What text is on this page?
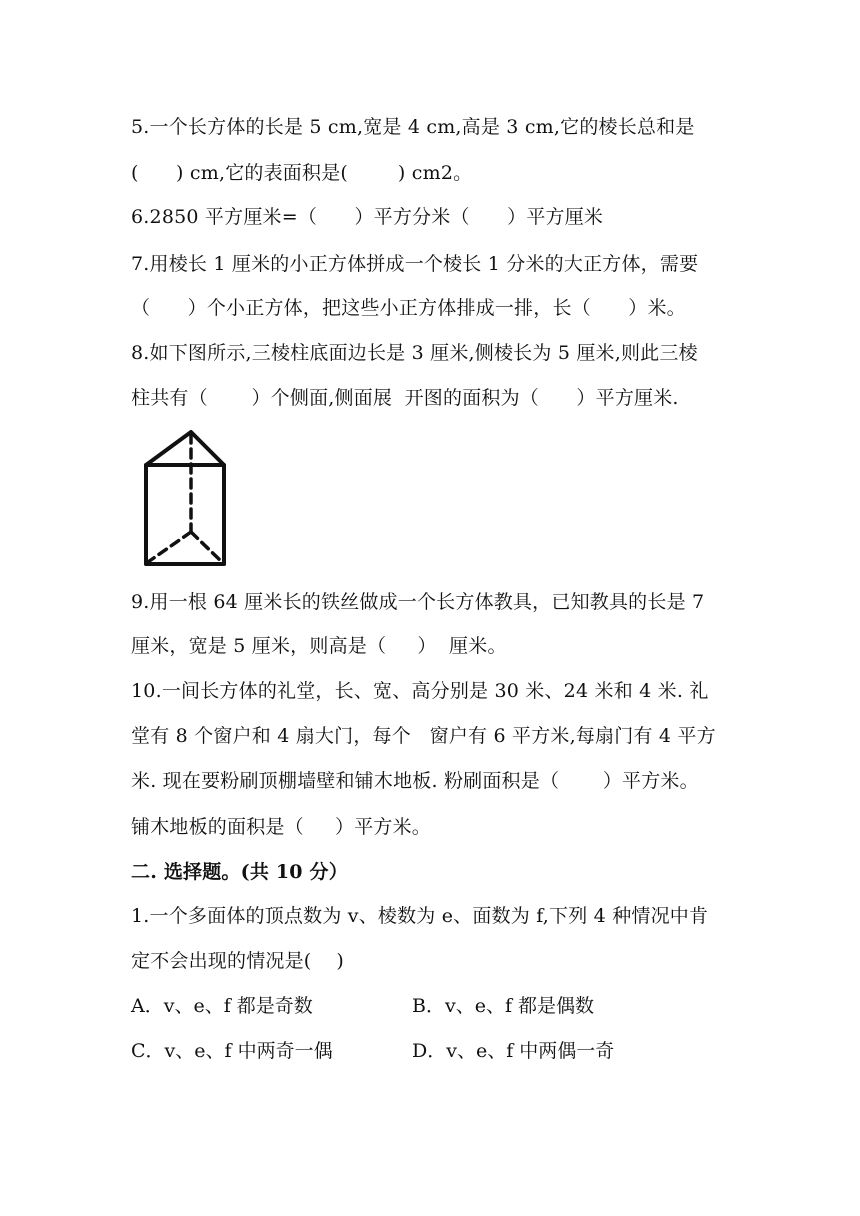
5.一个长方体的长是 5 cm,宽是 4 cm,高是 3 cm,它的棱长总和是

(      ) cm,它的表面积是(        ) cm2。

6.2850 平方厘米=（      ）平方分米（      ）平方厘米

7.用棱长 1 厘米的小正方体拼成一个棱长 1 分米的大正方体，需要

（      ）个小正方体，把这些小正方体排成一排，长（      ）米。

8.如下图所示,三棱柱底面边长是 3 厘米,侧棱长为 5 厘米,则此三棱

柱共有（       ）个侧面,侧面展  开图的面积为（      ）平方厘米.

9.用一根 64 厘米长的铁丝做成一个长方体教具，已知教具的长是 7

厘米，宽是 5 厘米，则高是（     ）  厘米。

10.一间长方体的礼堂，长、宽、高分别是 30 米、24 米和 4 米. 礼

堂有 8 个窗户和 4 扇大门，每个   窗户有 6 平方米,每扇门有 4 平方

米. 现在要粉刷顶棚墙壁和铺木地板. 粉刷面积是（       ）平方米。

铺木地板的面积是（     ）平方米。

二. 选择题。(共 10 分）

1.一个多面体的顶点数为 v、棱数为 e、面数为 f,下列 4 种情况中肯

定不会出现的情况是(    )

A．v、e、f 都是奇数	B．v、e、f 都是偶数
C．v、e、f 中两奇一偶	D．v、e、f 中两偶一奇
